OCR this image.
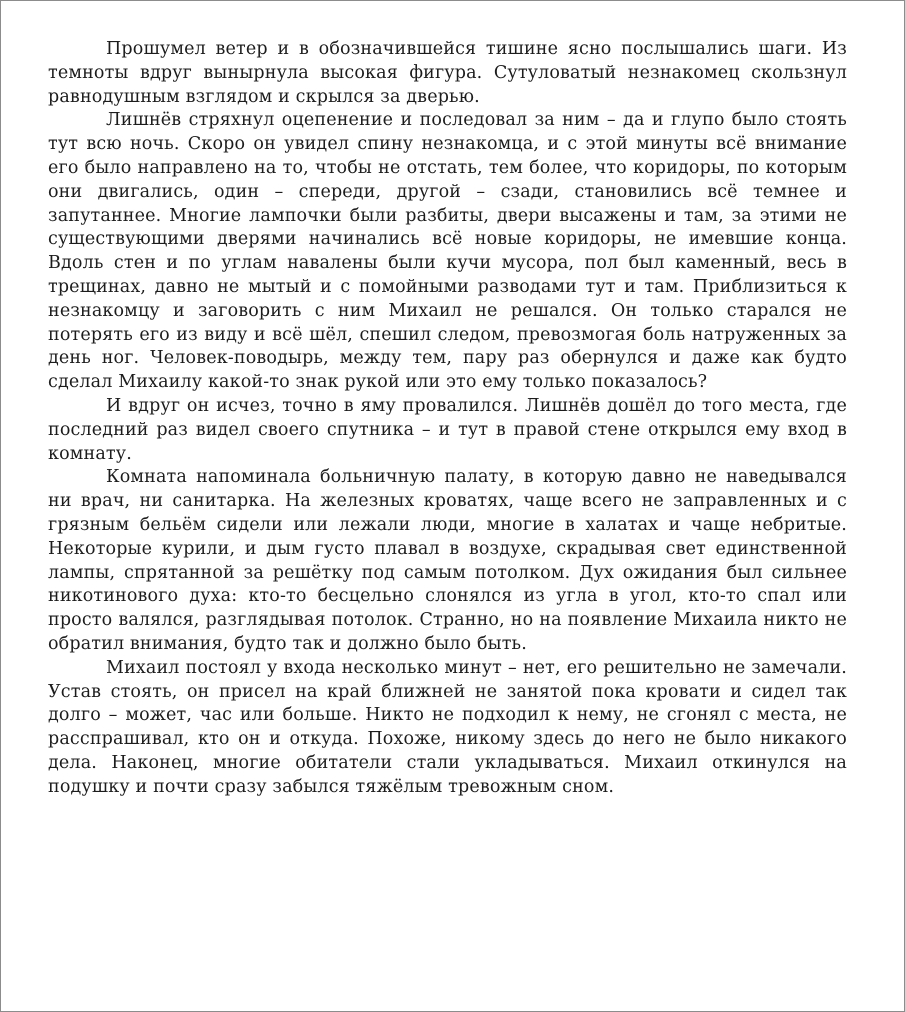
Прошумел ветер и в обозначившейся тишине ясно послышались шаги. Из темноты вдруг вынырнула высокая фигура. Сутуловатый незнакомец скользнул равнодушным взглядом и скрылся за дверью.

Лишнёв стряхнул оцепенение и последовал за ним – да и глупо было стоять тут всю ночь. Скоро он увидел спину незнакомца, и с этой минуты всё внимание его было направлено на то, чтобы не отстать, тем более, что коридоры, по которым они двигались, один – спереди, другой – сзади, становились всё темнее и запутаннее. Многие лампочки были разбиты, двери высажены и там, за этими не существующими дверями начинались всё новые коридоры, не имевшие конца. Вдоль стен и по углам навалены были кучи мусора, пол был каменный, весь в трещинах, давно не мытый и с помойными разводами тут и там. Приблизиться к незнакомцу и заговорить с ним Михаил не решался. Он только старался не потерять его из виду и всё шёл, спешил следом, превозмогая боль натруженных за день ног. Человек-поводырь, между тем, пару раз обернулся и даже как будто сделал Михаилу какой-то знак рукой или это ему только показалось?

И вдруг он исчез, точно в яму провалился. Лишнёв дошёл до того места, где последний раз видел своего спутника – и тут в правой стене открылся ему вход в комнату.

Комната напоминала больничную палату, в которую давно не наведывался ни врач, ни санитарка. На железных кроватях, чаще всего не заправленных и с грязным бельём сидели или лежали люди, многие в халатах и чаще небритые. Некоторые курили, и дым густо плавал в воздухе, скрадывая свет единственной лампы, спрятанной за решётку под самым потолком. Дух ожидания был сильнее никотинового духа: кто-то бесцельно слонялся из угла в угол, кто-то спал или просто валялся, разглядывая потолок. Странно, но на появление Михаила никто не обратил внимания, будто так и должно было быть.

Михаил постоял у входа несколько минут – нет, его решительно не замечали. Устав стоять, он присел на край ближней не занятой пока кровати и сидел так долго – может, час или больше. Никто не подходил к нему, не сгонял с места, не расспрашивал, кто он и откуда. Похоже, никому здесь до него не было никакого дела. Наконец, многие обитатели стали укладываться. Михаил откинулся на подушку и почти сразу забылся тяжёлым тревожным сном.
